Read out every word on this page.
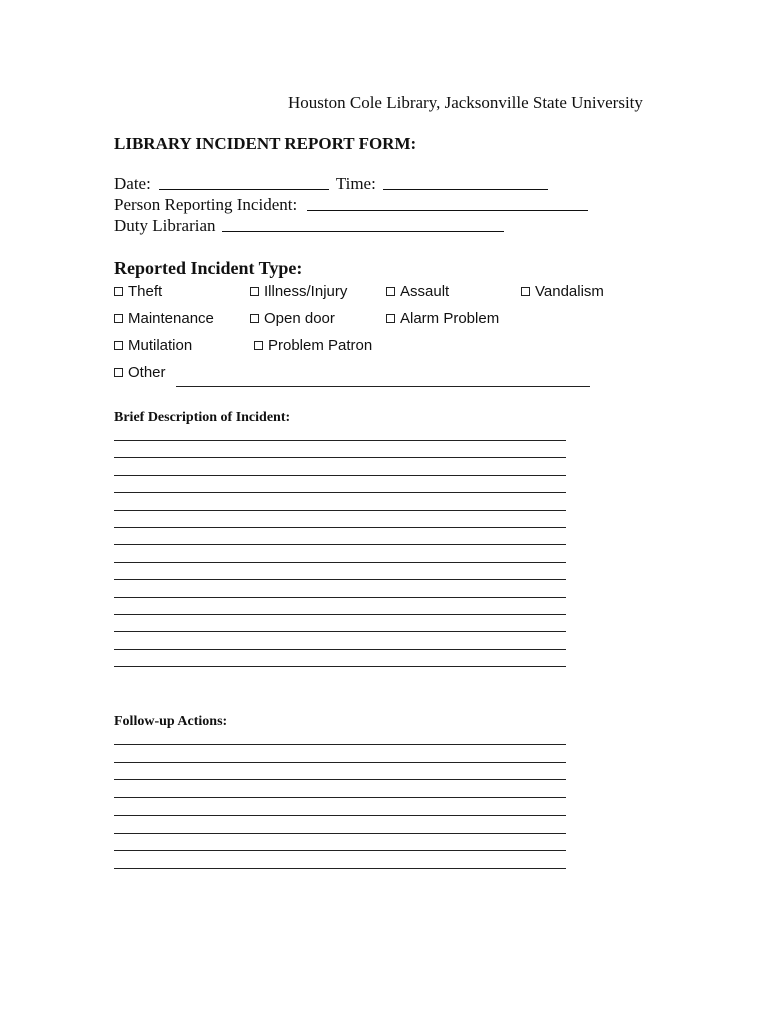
Houston Cole Library, Jacksonville State University
LIBRARY INCIDENT REPORT FORM:
Date:	Time:
Person Reporting Incident:
Duty Librarian
Reported Incident Type:
Theft	Illness/Injury	Assault	Vandalism
Maintenance	Open door	Alarm Problem
Mutilation	Problem Patron
Other
Brief Description of Incident:
Follow-up Actions:
